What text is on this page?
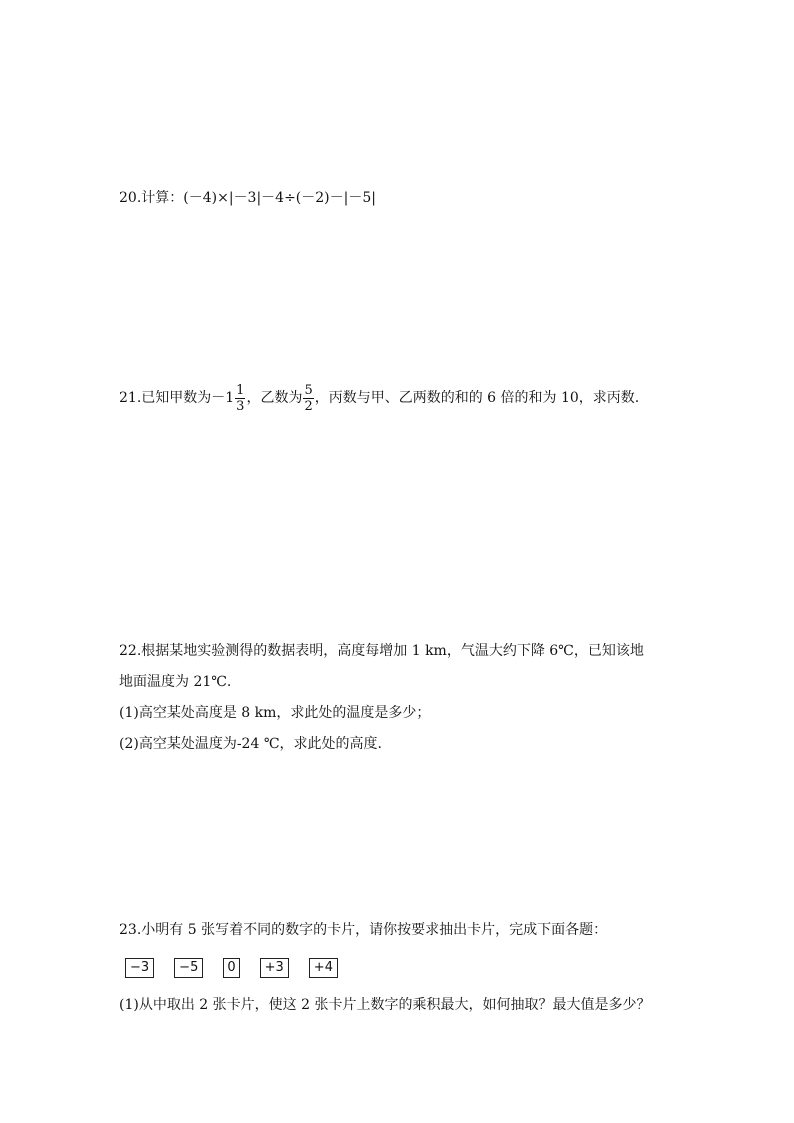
20.计算：(－4)×|－3|－4÷(－2)－|－5|
21.已知甲数为$-1 \frac{1}{3}$ ，乙数为 $\frac{5}{2}$ ，丙数与甲、乙两数的和的 6 倍的和为 10，求丙数.
22.根据某地实验测得的数据表明，高度每增加 1 km，气温大约下降 6℃，已知该地
地面温度为 21℃.
(1)高空某处高度是 8 km，求此处的温度是多少；
(2)高空某处温度为-24 ℃，求此处的高度.
23.小明有 5 张写着不同的数字的卡片，请你按要求抽出卡片，完成下面各题：
−3	−5	0	+3	+4
(1)从中取出 2 张卡片，使这 2 张卡片上数字的乘积最大，如何抽取？最大值是多少？
